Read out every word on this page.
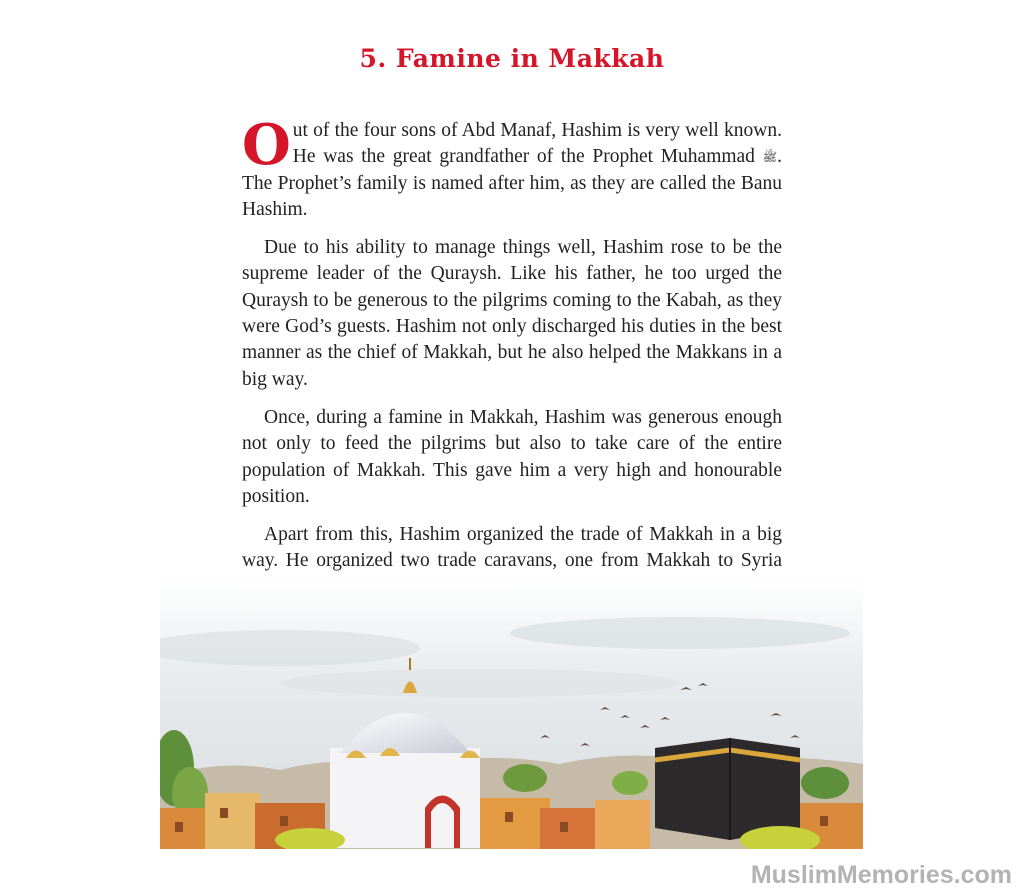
5. Famine in Makkah

Out of the four sons of Abd Manaf, Hashim is very well known. He was the great grandfather of the Prophet Muhammad ﷺ. The Prophet’s family is named after him, as they are called the Banu Hashim.

Due to his ability to manage things well, Hashim rose to be the supreme leader of the Quraysh. Like his father, he too urged the Quraysh to be generous to the pilgrims coming to the Kabah, as they were God’s guests. Hashim not only discharged his duties in the best manner as the chief of Makkah, but he also helped the Makkans in a big way.

Once, during a famine in Makkah, Hashim was generous enough not only to feed the pilgrims but also to take care of the entire population of Makkah. This gave him a very high and honourable position.

Apart from this, Hashim organized the trade of Makkah in a big way. He organized two trade caravans, one from Makkah to Syria

MuslimMemories.com
